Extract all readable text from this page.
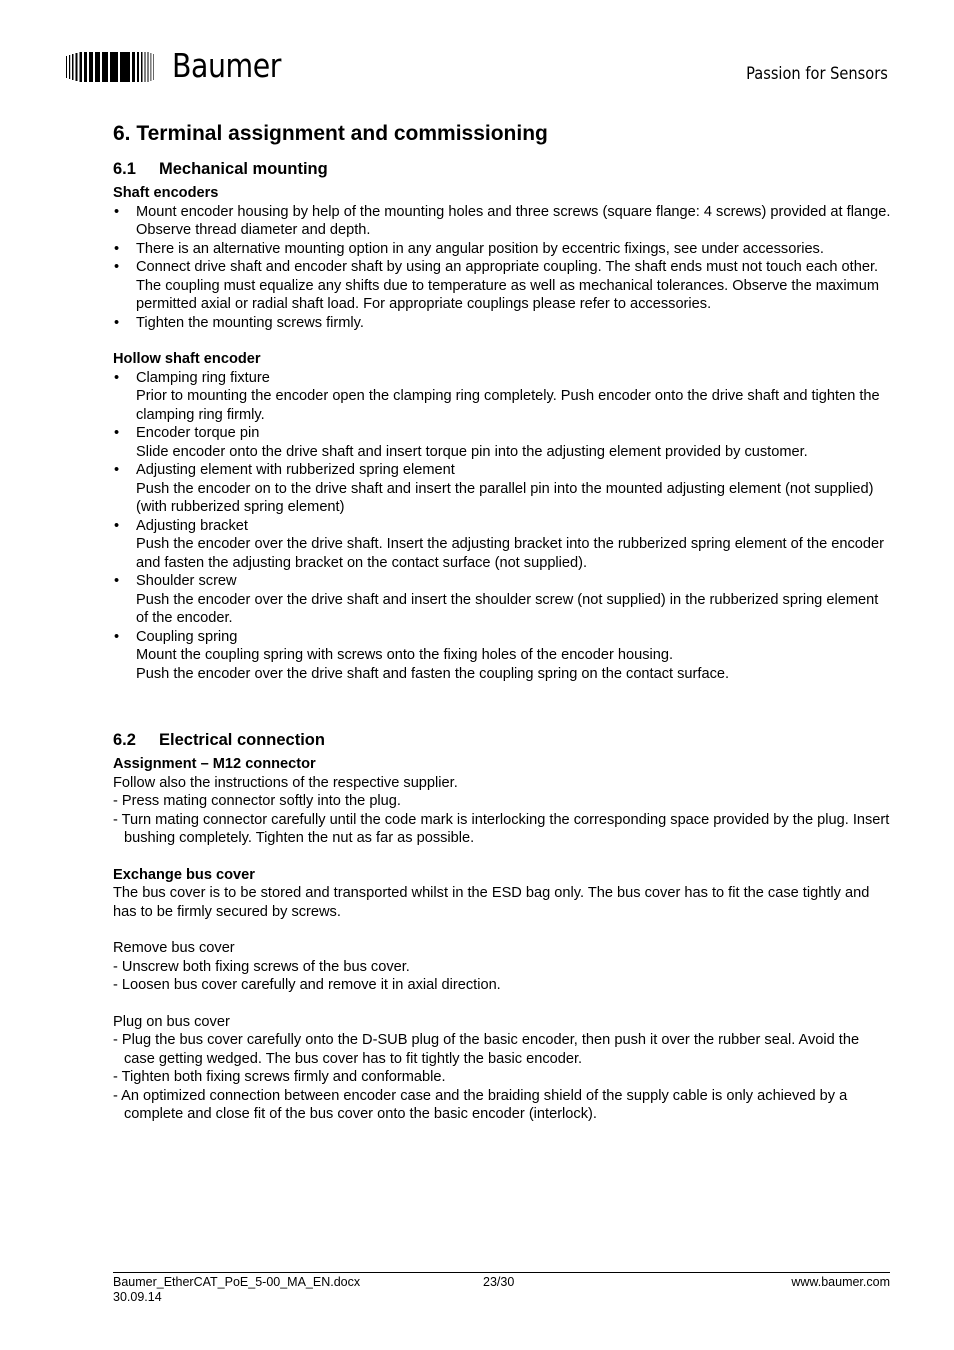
Baumer	Passion for Sensors
6. Terminal assignment and commissioning
6.1 Mechanical mounting

Shaft encoders

• Mount encoder housing by help of the mounting holes and three screws (square flange: 4 screws) provided at flange. Observe thread diameter and depth.
• There is an alternative mounting option in any angular position by eccentric fixings, see under accessories.
• Connect drive shaft and encoder shaft by using an appropriate coupling. The shaft ends must not touch each other. The coupling must equalize any shifts due to temperature as well as mechanical tolerances. Observe the maximum permitted axial or radial shaft load. For appropriate couplings please refer to accessories.
• Tighten the mounting screws firmly.

Hollow shaft encoder

• Clamping ring fixture
Prior to mounting the encoder open the clamping ring completely. Push encoder onto the drive shaft and tighten the clamping ring firmly.
• Encoder torque pin
Slide encoder onto the drive shaft and insert torque pin into the adjusting element provided by customer.
• Adjusting element with rubberized spring element
Push the encoder on to the drive shaft and insert the parallel pin into the mounted adjusting element (not supplied) (with rubberized spring element)
• Adjusting bracket
Push the encoder over the drive shaft. Insert the adjusting bracket into the rubberized spring element of the encoder and fasten the adjusting bracket on the contact surface (not supplied).
• Shoulder screw
Push the encoder over the drive shaft and insert the shoulder screw (not supplied) in the rubberized spring element of the encoder.
• Coupling spring
Mount the coupling spring with screws onto the fixing holes of the encoder housing.
Push the encoder over the drive shaft and fasten the coupling spring on the contact surface.
6.2 Electrical connection

Assignment – M12 connector

Follow also the instructions of the respective supplier.

- Press mating connector softly into the plug.

- Turn mating connector carefully until the code mark is interlocking the corresponding space provided by the plug. Insert bushing completely. Tighten the nut as far as possible.

Exchange bus cover

The bus cover is to be stored and transported whilst in the ESD bag only. The bus cover has to fit the case tightly and has to be firmly secured by screws.

Remove bus cover

- Unscrew both fixing screws of the bus cover.

- Loosen bus cover carefully and remove it in axial direction.

Plug on bus cover

- Plug the bus cover carefully onto the D-SUB plug of the basic encoder, then push it over the rubber seal. Avoid the case getting wedged. The bus cover has to fit tightly the basic encoder.

- Tighten both fixing screws firmly and conformable.

- An optimized connection between encoder case and the braiding shield of the supply cable is only achieved by a complete and close fit of the bus cover onto the basic encoder (interlock).

Baumer_EtherCAT_PoE_5-00_MA_EN.docx
30.09.14
23/30	www.baumer.com
